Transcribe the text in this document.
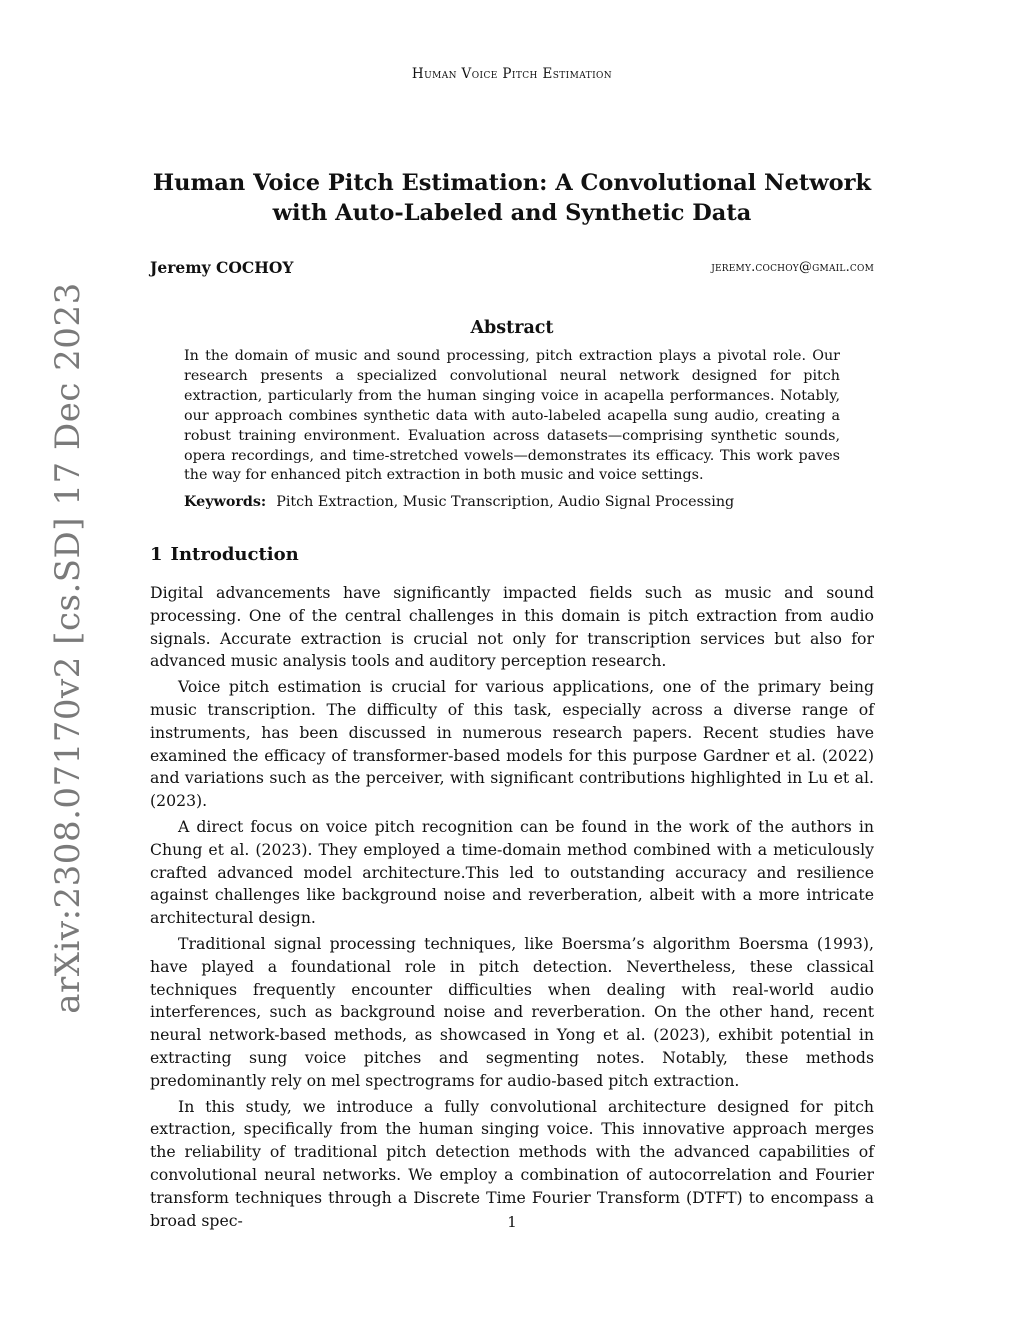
Human Voice Pitch Estimation
arXiv:2308.07170v2 [cs.SD] 17 Dec 2023
Human Voice Pitch Estimation: A Convolutional Network with Auto-Labeled and Synthetic Data
Jeremy COCHOY	jeremy.cochoy@gmail.com
Abstract
In the domain of music and sound processing, pitch extraction plays a pivotal role. Our research presents a specialized convolutional neural network designed for pitch extraction, particularly from the human singing voice in acapella performances. Notably, our approach combines synthetic data with auto-labeled acapella sung audio, creating a robust training environment. Evaluation across datasets—comprising synthetic sounds, opera recordings, and time-stretched vowels—demonstrates its efficacy. This work paves the way for enhanced pitch extraction in both music and voice settings.
Keywords: Pitch Extraction, Music Transcription, Audio Signal Processing
1 Introduction

Digital advancements have significantly impacted fields such as music and sound processing. One of the central challenges in this domain is pitch extraction from audio signals. Accurate extraction is crucial not only for transcription services but also for advanced music analysis tools and auditory perception research.

Voice pitch estimation is crucial for various applications, one of the primary being music transcription. The difficulty of this task, especially across a diverse range of instruments, has been discussed in numerous research papers. Recent studies have examined the efficacy of transformer-based models for this purpose Gardner et al. (2022) and variations such as the perceiver, with significant contributions highlighted in Lu et al. (2023).

A direct focus on voice pitch recognition can be found in the work of the authors in Chung et al. (2023). They employed a time-domain method combined with a meticulously crafted advanced model architecture.This led to outstanding accuracy and resilience against challenges like background noise and reverberation, albeit with a more intricate architectural design.

Traditional signal processing techniques, like Boersma’s algorithm Boersma (1993), have played a foundational role in pitch detection. Nevertheless, these classical techniques frequently encounter difficulties when dealing with real-world audio interferences, such as background noise and reverberation. On the other hand, recent neural network-based methods, as showcased in Yong et al. (2023), exhibit potential in extracting sung voice pitches and segmenting notes. Notably, these methods predominantly rely on mel spectrograms for audio-based pitch extraction.

In this study, we introduce a fully convolutional architecture designed for pitch extraction, specifically from the human singing voice. This innovative approach merges the reliability of traditional pitch detection methods with the advanced capabilities of convolutional neural networks. We employ a combination of autocorrelation and Fourier transform techniques through a Discrete Time Fourier Transform (DTFT) to encompass a broad spec-	1
